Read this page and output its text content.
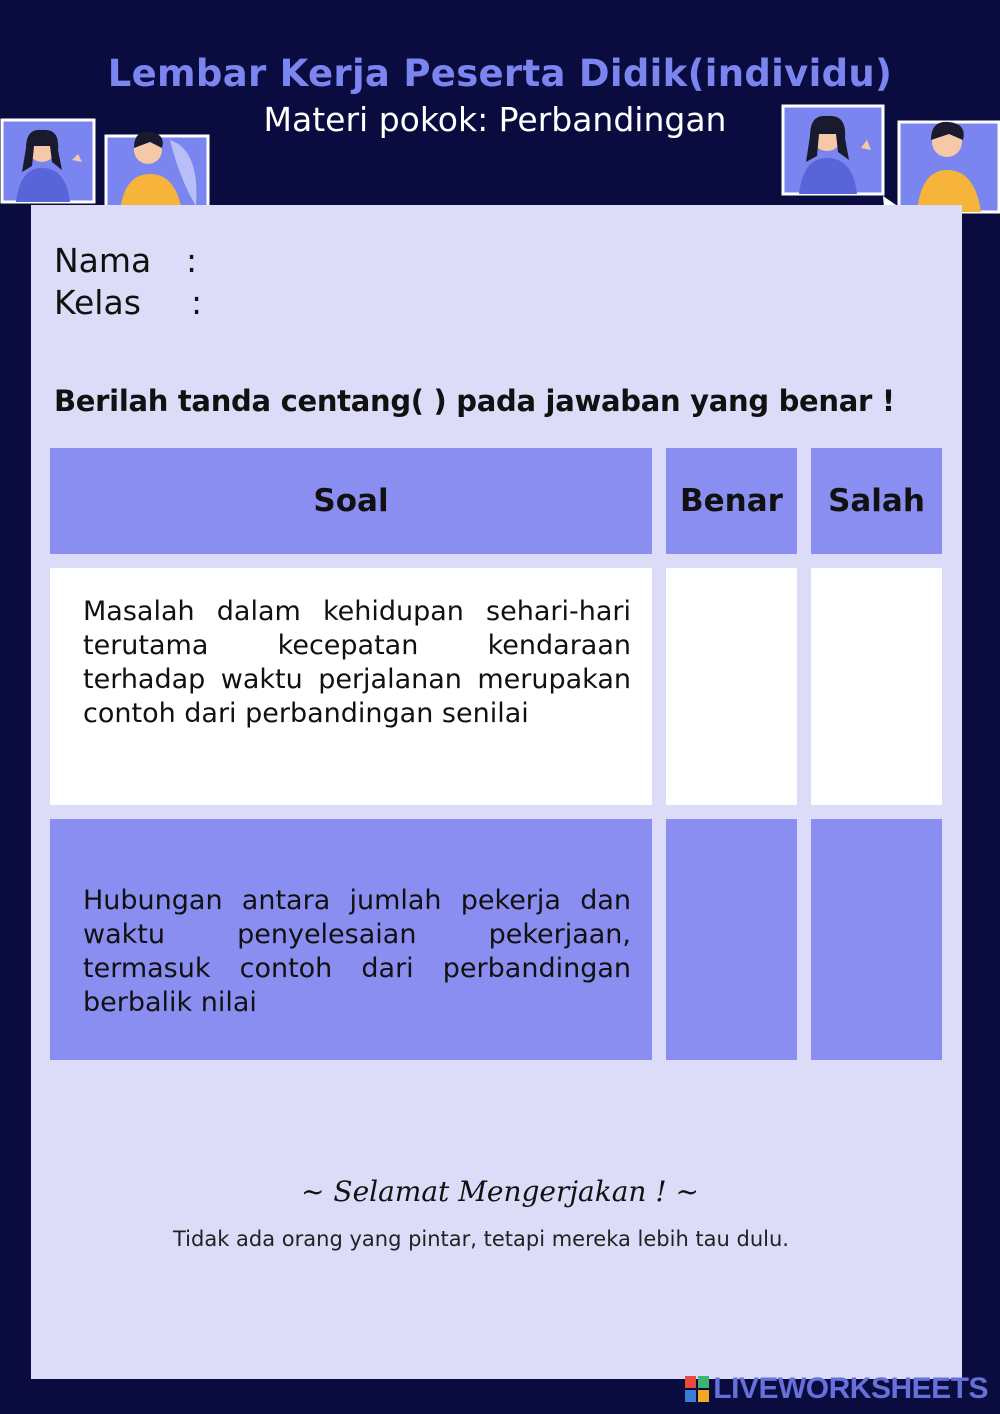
Lembar Kerja Peserta Didik(individu)
Materi pokok: Perbandingan
Nama :
Kelas :
Berilah tanda centang( ) pada jawaban yang benar !
Soal	Benar	Salah
Masalah dalam kehidupan sehari-hari terutama kecepatan kendaraan terhadap waktu perjalanan merupakan contoh dari perbandingan senilai
Hubungan antara jumlah pekerja dan waktu penyelesaian pekerjaan, termasuk contoh dari perbandingan berbalik nilai
~ Selamat Mengerjakan ! ~
Tidak ada orang yang pintar, tetapi mereka lebih tau dulu.
LIVEWORKSHEETS
